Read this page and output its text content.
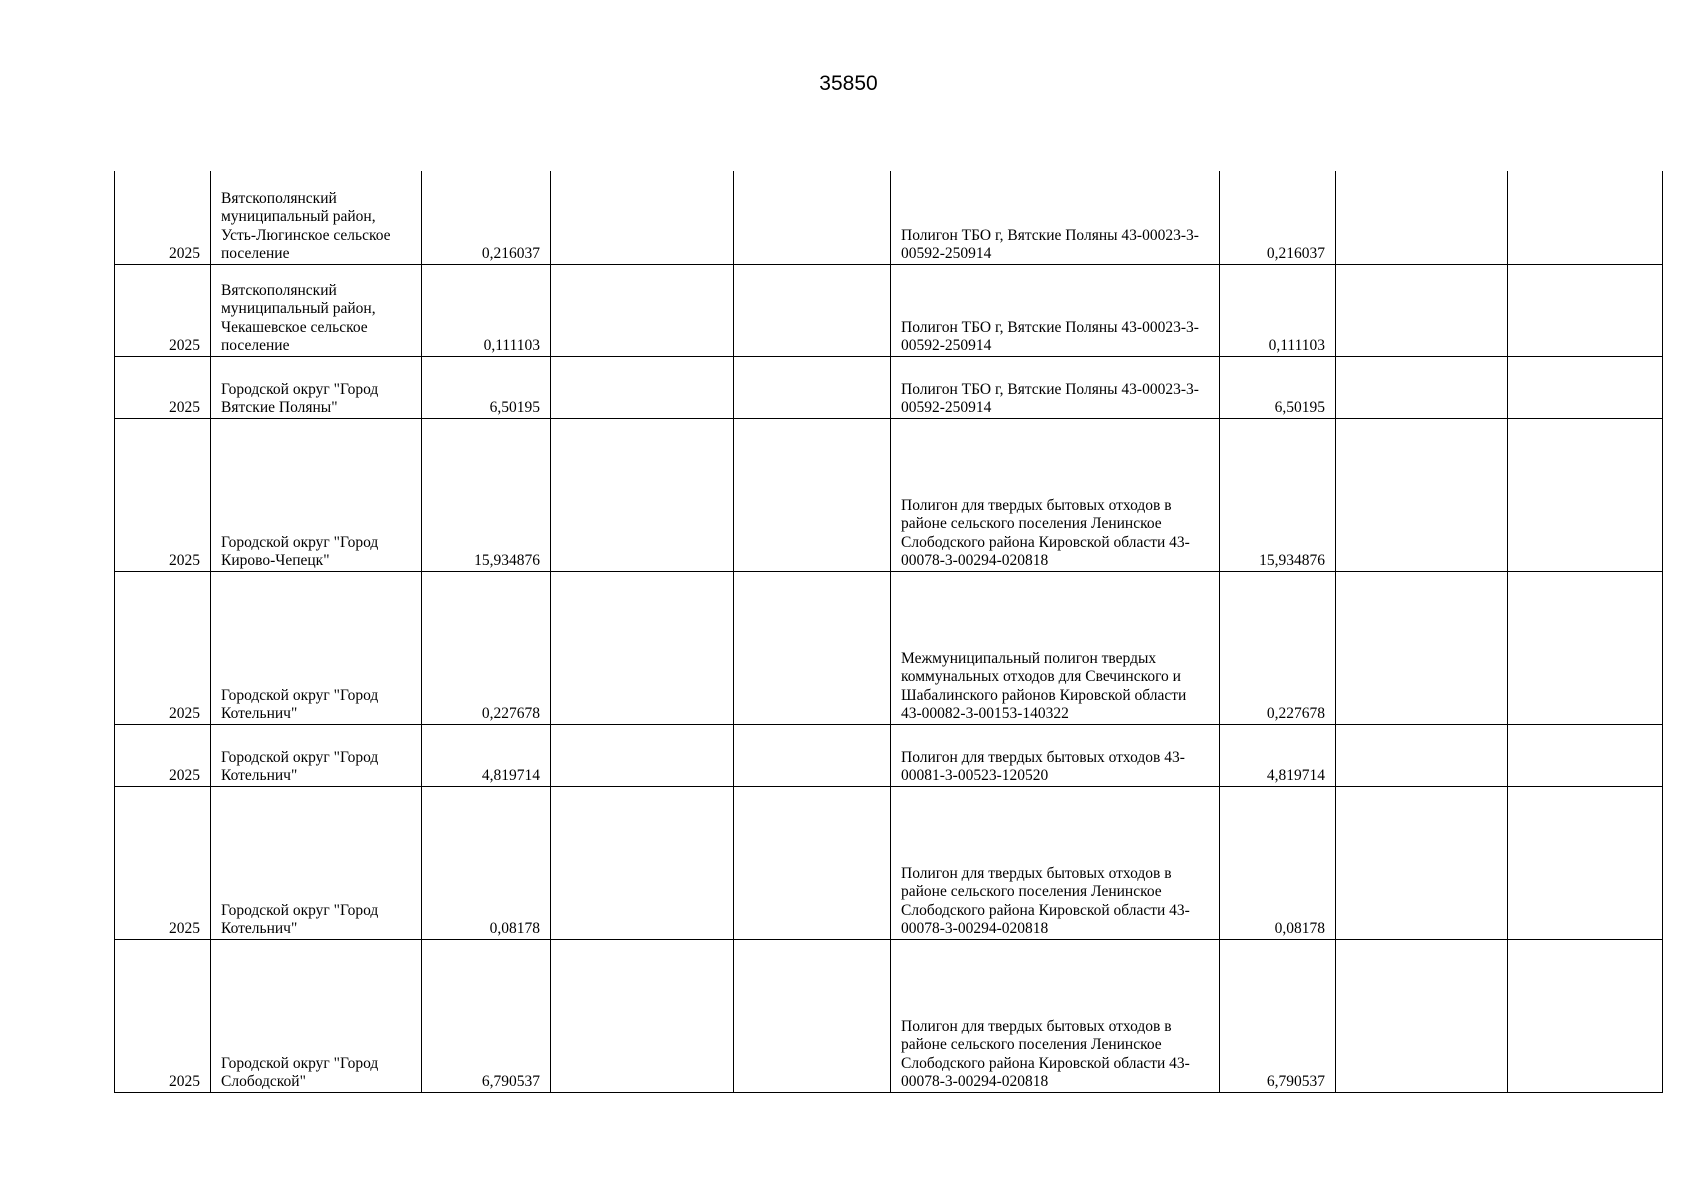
35850
2025	Вятскополянский муниципальный район, Усть-Люгинское сельское поселение	0,216037			Полигон ТБО г, Вятские Поляны 43-00023-3-00592-250914	0,216037		
2025	Вятскополянский муниципальный район, Чекашевское сельское поселение	0,111103			Полигон ТБО г, Вятские Поляны 43-00023-3-00592-250914	0,111103		
2025	Городской округ "Город Вятские Поляны"	6,50195			Полигон ТБО г, Вятские Поляны 43-00023-3-00592-250914	6,50195		
2025	Городской округ "Город Кирово-Чепецк"	15,934876			Полигон для твердых бытовых отходов в районе сельского поселения Ленинское Слободского района Кировской области 43-00078-3-00294-020818	15,934876		
2025	Городской округ "Город Котельнич"	0,227678			Межмуниципальный полигон твердых коммунальных отходов для Свечинского и Шабалинского районов Кировской области 43-00082-3-00153-140322	0,227678		
2025	Городской округ "Город Котельнич"	4,819714			Полигон для твердых бытовых отходов 43-00081-3-00523-120520	4,819714		
2025	Городской округ "Город Котельнич"	0,08178			Полигон для твердых бытовых отходов в районе сельского поселения Ленинское Слободского района Кировской области 43-00078-3-00294-020818	0,08178		
2025	Городской округ "Город Слободской"	6,790537			Полигон для твердых бытовых отходов в районе сельского поселения Ленинское Слободского района Кировской области 43-00078-3-00294-020818	6,790537		
